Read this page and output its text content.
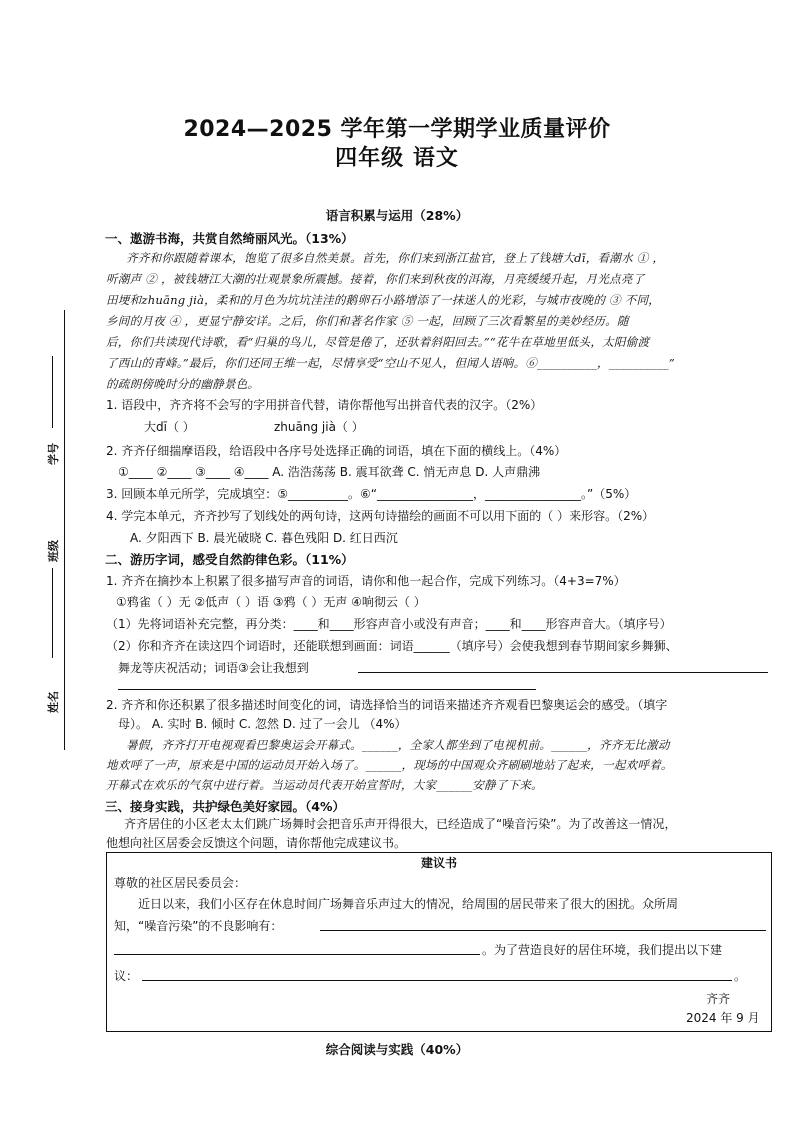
学号
班级
姓名
2024—2025 学年第一学期学业质量评价
四年级 语文
语言积累与运用（28%）
一、遨游书海，共赏自然绮丽风光。（13%）
齐齐和你跟随着课本，饱览了很多自然美景。首先，你们来到浙江盐官，登上了钱塘大dī，看潮水 ① ，
听潮声 ② ，被钱塘江大潮的壮观景象所震撼。接着，你们来到秋夜的洱海，月亮缓缓升起，月光点亮了
田埂和zhuāng jià，柔和的月色为坑坑洼洼的鹅卵石小路增添了一抹迷人的光彩，与城市夜晚的 ③ 不同，
乡间的月夜 ④ ，更显宁静安详。之后，你们和著名作家 ⑤ 一起，回顾了三次看繁星的美妙经历。随
后，你们共读现代诗歌，看“归巢的鸟儿，尽管是倦了，还驮着斜阳回去。”“花牛在草地里低头，太阳偷渡
了西山的青峰。”最后，你们还同王维一起，尽情享受“空山不见人，但闻人语响。⑥__________，__________”
的疏朗傍晚时分的幽静景色。
1. 语段中，齐齐将不会写的字用拼音代替，请你帮他写出拼音代表的汉字。（2%）
大dī（ ）	zhuāng jià（ ）
2. 齐齐仔细揣摩语段，给语段中各序号处选择正确的词语，填在下面的横线上。（4%）
①____ ②____ ③____ ④____ A. 浩浩荡荡 B. 震耳欲聋 C. 悄无声息 D. 人声鼎沸
3. 回顾本单元所学，完成填空：⑤__________。⑥“________________，________________。”（5%）
4. 学完本单元，齐齐抄写了划线处的两句诗，这两句诗描绘的画面不可以用下面的（ ）来形容。（2%）
A. 夕阳西下 B. 晨光破晓 C. 暮色残阳 D. 红日西沉
二、游历字词，感受自然韵律色彩。（11%）
1. 齐齐在摘抄本上积累了很多描写声音的词语，请你和他一起合作，完成下列练习。（4+3=7%）
①鸦雀（ ）无 ②低声（ ）语 ③鸦（ ）无声 ④响彻云（ ）
（1）先将词语补充完整，再分类：____和____形容声音小或没有声音；____和____形容声音大。（填序号）
（2）你和齐齐在读这四个词语时，还能联想到画面：词语______（填序号）会使我想到春节期间家乡舞狮、
舞龙等庆祝活动；词语③会让我想到
2. 齐齐和你还积累了很多描述时间变化的词，请选择恰当的词语来描述齐齐观看巴黎奥运会的感受。（填字
母）。 A. 实时 B. 倾时 C. 忽然 D. 过了一会儿 （4%）
暑假，齐齐打开电视观看巴黎奥运会开幕式。______，全家人都坐到了电视机前。______，齐齐无比激动
地欢呼了一声，原来是中国的运动员开始入场了。______，现场的中国观众齐刷刷地站了起来，一起欢呼着。
开幕式在欢乐的气氛中进行着。当运动员代表开始宣誓时，大家______安静了下来。
三、接身实践，共护绿色美好家园。（4%）
齐齐居住的小区老太太们跳广场舞时会把音乐声开得很大，已经造成了“噪音污染”。为了改善这一情况，
建议书
尊敬的社区居民委员会：
近日以来，我们小区存在休息时间广场舞音乐声过大的情况，给周围的居民带来了很大的困扰。众所周
知，“噪音污染”的不良影响有：
。为了营造良好的居住环境，我们提出以下建
议：	。
齐齐
2024 年 9 月
综合阅读与实践（40%）
他想向社区居委会反馈这个问题，请你帮他完成建议书。
